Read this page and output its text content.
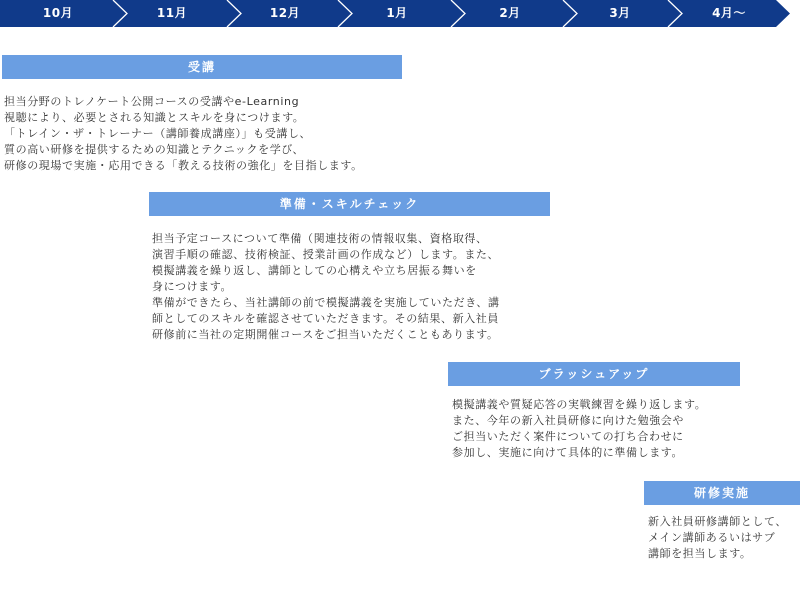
10月	11月	12月	1月	2月	3月	4月～
受講
担当分野のトレノケート公開コースの受講やe-Learning
視聴により、必要とされる知識とスキルを身につけます。
「トレイン・ザ・トレーナー（講師養成講座）」も受講し、
質の高い研修を提供するための知識とテクニックを学び、
研修の現場で実施・応用できる「教える技術の強化」を目指します。
準備・スキルチェック
担当予定コースについて準備（関連技術の情報収集、資格取得、
演習手順の確認、技術検証、授業計画の作成など）します。また、
模擬講義を繰り返し、講師としての心構えや立ち居振る舞いを
身につけます。
準備ができたら、当社講師の前で模擬講義を実施していただき、講
師としてのスキルを確認させていただきます。その結果、新入社員
研修前に当社の定期開催コースをご担当いただくこともあります。
ブラッシュアップ
模擬講義や質疑応答の実戦練習を繰り返します。
また、今年の新入社員研修に向けた勉強会や
ご担当いただく案件についての打ち合わせに
参加し、実施に向けて具体的に準備します。
研修実施
新入社員研修講師として、
メイン講師あるいはサブ
講師を担当します。
